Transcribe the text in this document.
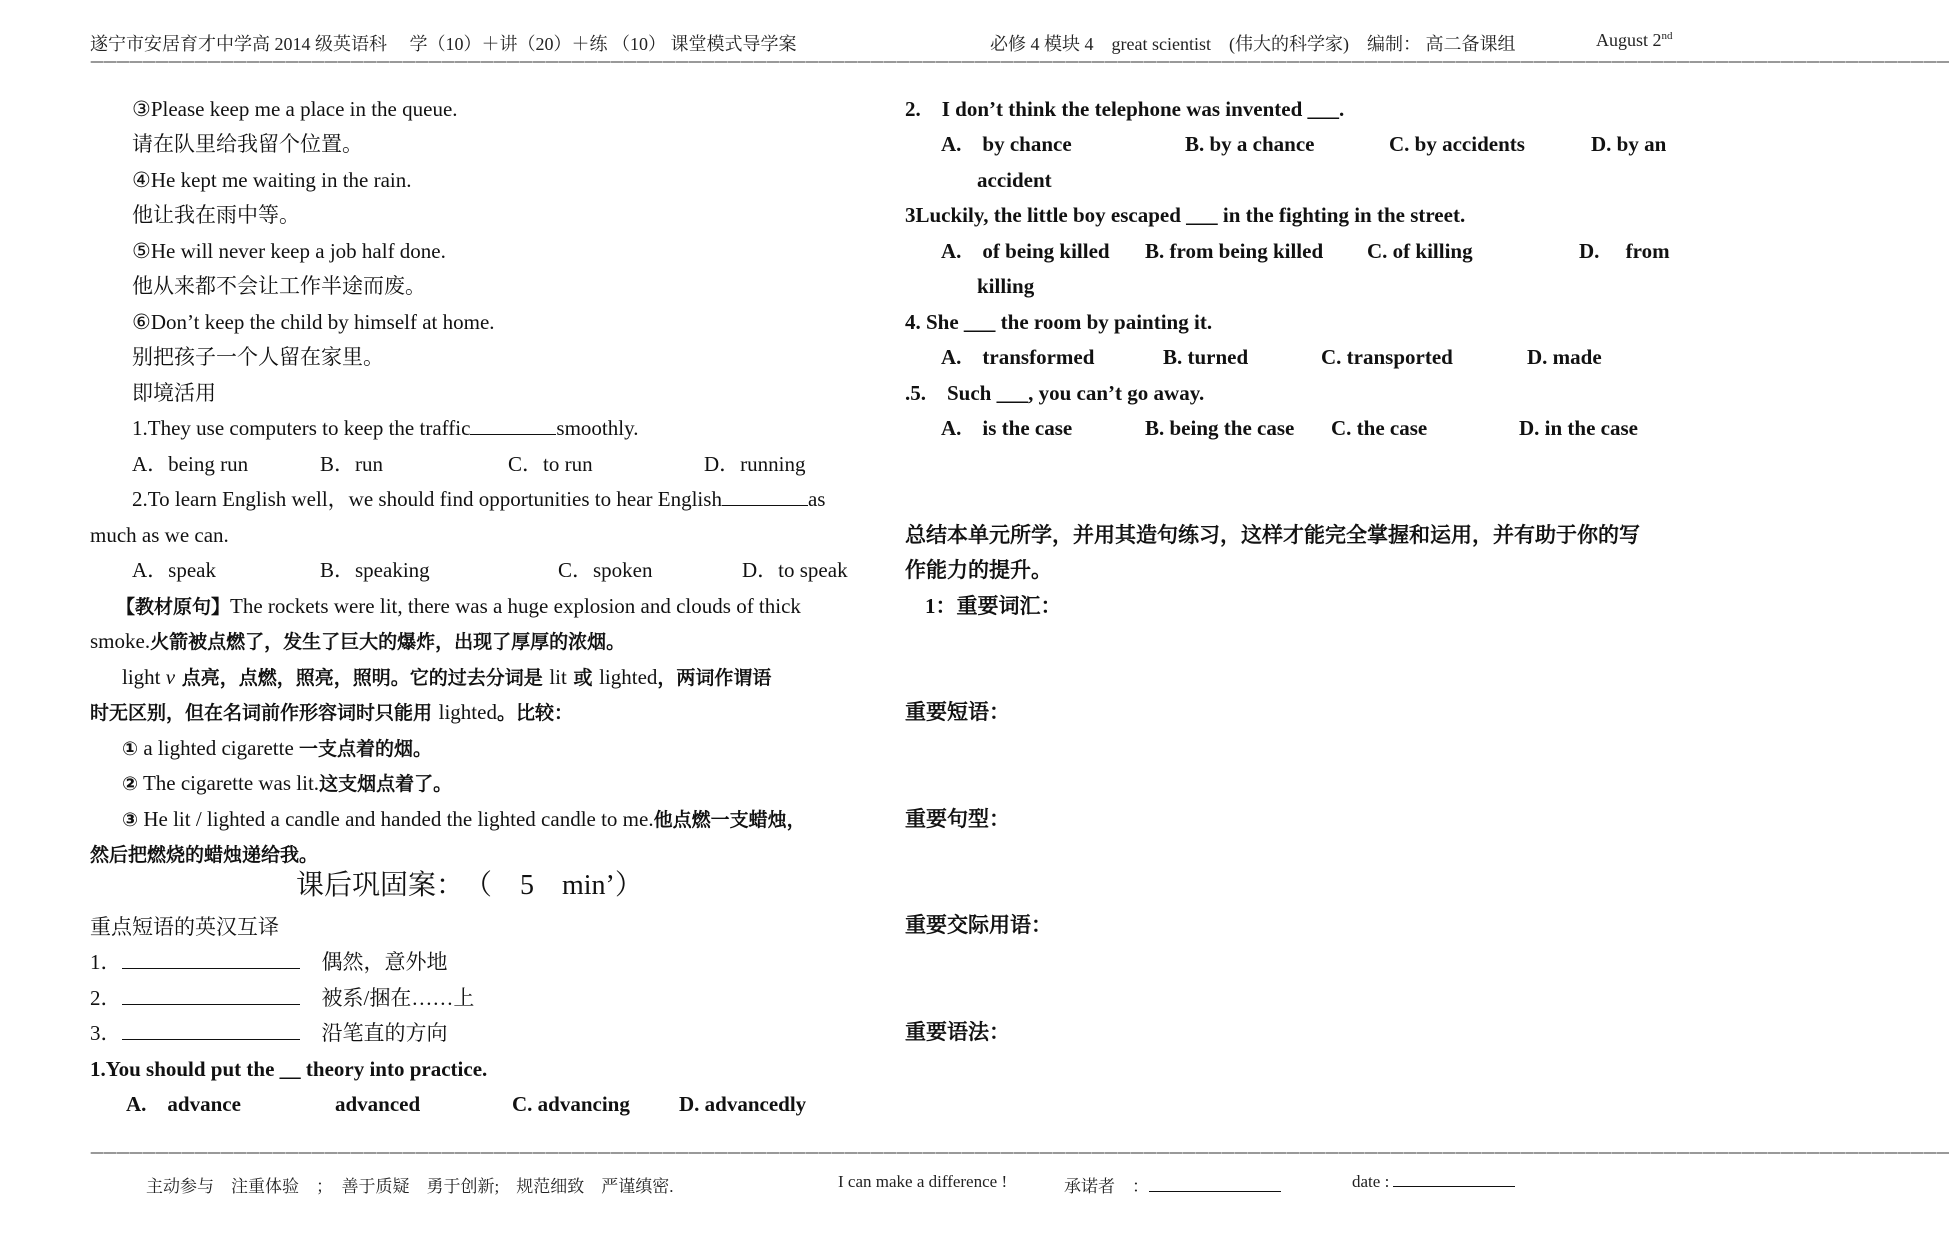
遂宁市安居育才中学高 2014 级英语科　 学（10）＋讲（20）＋练 （10） 课堂模式导学案	必修 4 模块 4　great scientist　(伟大的科学家)　编制： 高二备课组	August 2nd
———————————————————————————————————————————————————————————————————————————————————————————————————————————————————————————————————————————————
③Please keep me a place in the queue.
请在队里给我留个位置。
④He kept me waiting in the rain.
他让我在雨中等。
⑤He will never keep a job half done.
他从来都不会让工作半途而废。
⑥Don’t keep the child by himself at home.
别把孩子一个人留在家里。
即境活用
1.They use computers to keep the traffic	smoothly.
A．being run	B．run	C．to run	D．running
2.To learn English well，we should find opportunities to hear English	as
much as we can.
A．speak	B．speaking	C．spoken	D．to speak
【教材原句】The rockets were lit, there was a huge explosion and clouds of thick
smoke.火箭被点燃了，发生了巨大的爆炸，出现了厚厚的浓烟。
light v 点亮，点燃，照亮，照明。它的过去分词是 lit 或 lighted，两词作谓语
时无区别，但在名词前作形容词时只能用 lighted。比较：
① a lighted cigarette 一支点着的烟。
② The cigarette was lit.这支烟点着了。
③ He lit / lighted a candle and handed the lighted candle to me.他点燃一支蜡烛，
然后把燃烧的蜡烛递给我。
课后巩固案：　（　5　min’）
重点短语的英汉互译
1．	偶然，意外地
2．	被系/捆在……上
3．	沿笔直的方向
1.You should put the __ theory into practice.
A.　advance	advanced	C. advancing D. advancedly
2.　I don’t think the telephone was invented ___.
A.　by chance	B. by a chance	C. by accidents	D. by an
accident
3Luckily, the little boy escaped ___ in the fighting in the street.
A.　of being killed B. from being killed C. of killing	D.　 from
killing
4. She ___ the room by painting it.
A.　transformed	B. turned	C. transported	D. made
.5.　Such ___, you can’t go away.
A.　is the case	B. being the case C. the case	D. in the case
总结本单元所学，并用其造句练习，这样才能完全掌握和运用，并有助于你的写
作能力的提升。
1：重要词汇：
重要短语：
重要句型：
重要交际用语：
重要语法：
———————————————————————————————————————————————————————————————————————————————————————————————————————————————————————————————————————————————
主动参与　注重体验　；　善于质疑　勇于创新;　规范细致　严谨缜密.	I can make a difference !	承诺者　：	date :
